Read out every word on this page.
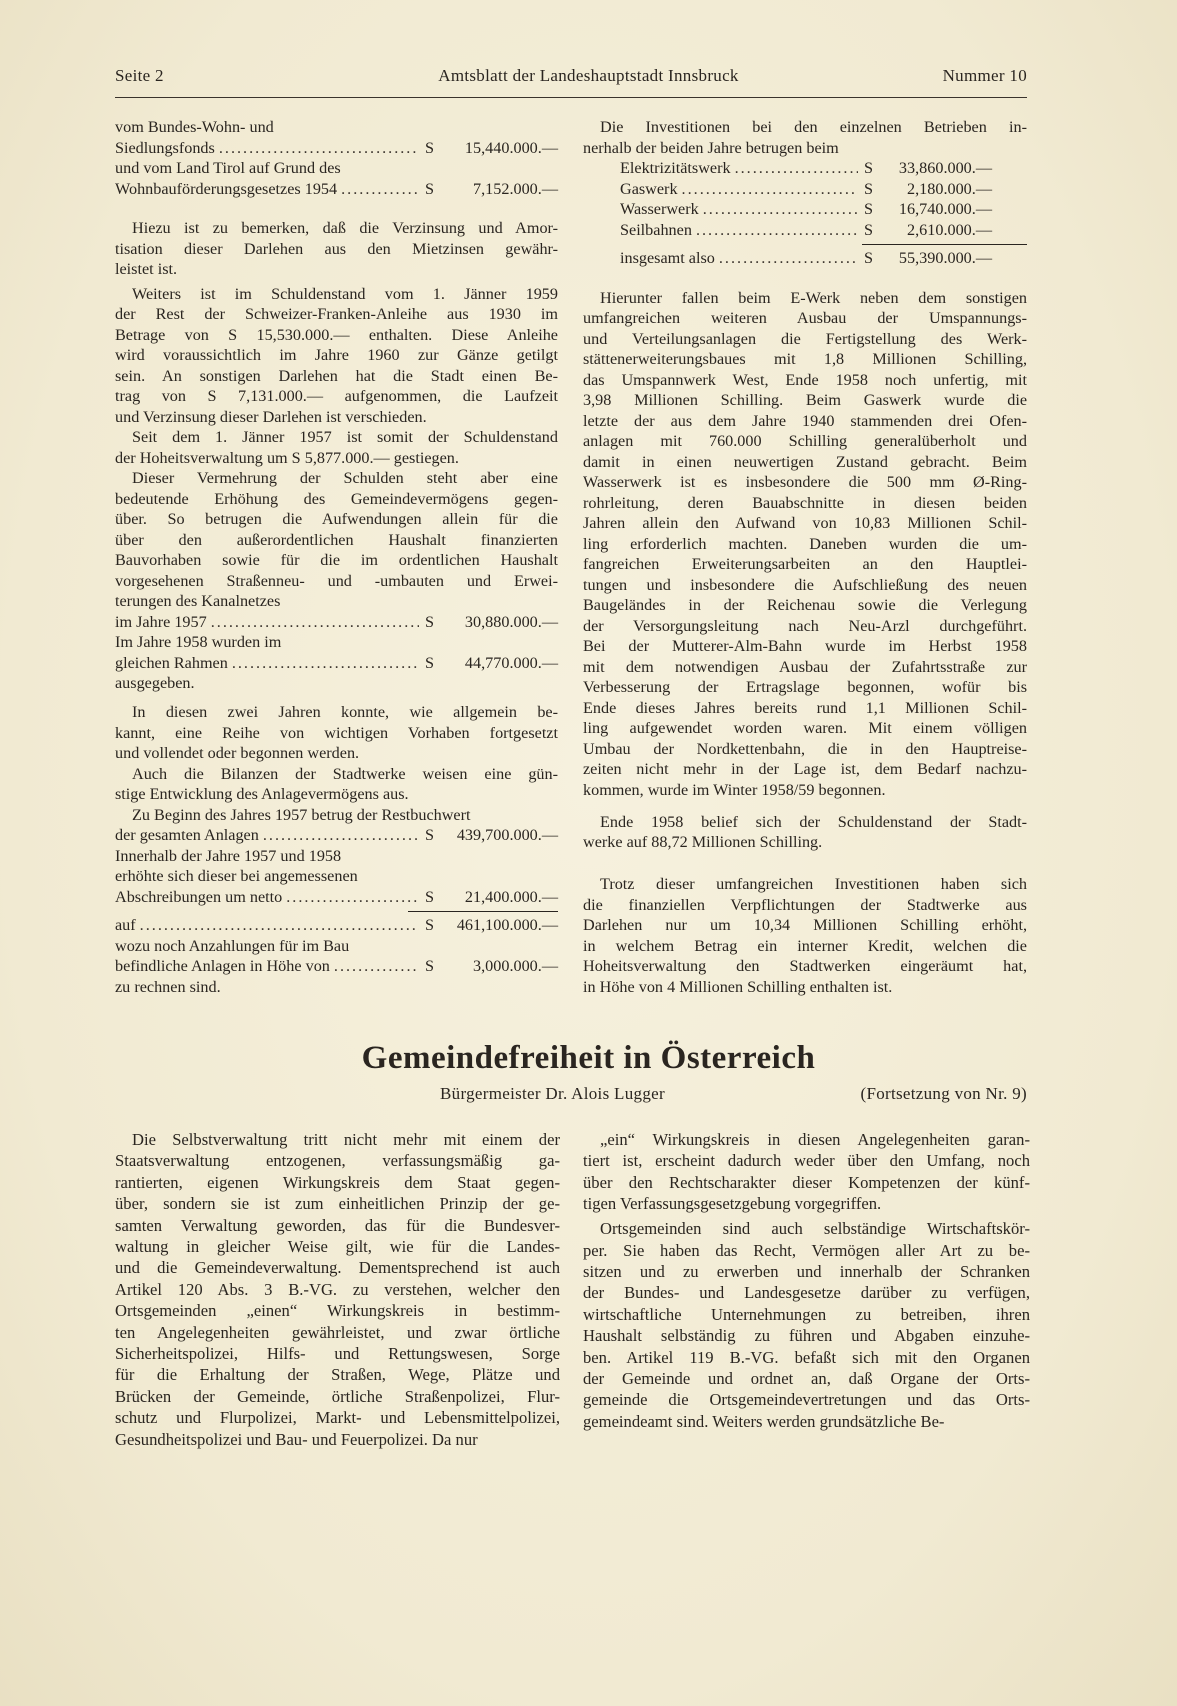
Seite 2	Amtsblatt der Landeshauptstadt Innsbruck	Nummer 10
vom Bundes-Wohn- und
Siedlungsfonds .....	S	15,440.000.—
und vom Land Tirol auf Grund des
Wohnbauförderungsgesetzes 1954 .....	S	7,152.000.—
Hiezu ist zu bemerken, daß die Verzinsung und Amor-
tisation dieser Darlehen aus den Mietzinsen gewähr-
leistet ist.
Weiters ist im Schuldenstand vom 1. Jänner 1959
der Rest der Schweizer-Franken-Anleihe aus 1930 im
Betrage von S 15,530.000.— enthalten. Diese Anleihe
wird voraussichtlich im Jahre 1960 zur Gänze getilgt
sein. An sonstigen Darlehen hat die Stadt einen Be-
trag von S 7,131.000.— aufgenommen, die Laufzeit
und Verzinsung dieser Darlehen ist verschieden.
Seit dem 1. Jänner 1957 ist somit der Schuldenstand
der Hoheitsverwaltung um S 5,877.000.— gestiegen.
Dieser Vermehrung der Schulden steht aber eine
bedeutende Erhöhung des Gemeindevermögens gegen-
über. So betrugen die Aufwendungen allein für die
über den außerordentlichen Haushalt finanzierten
Bauvorhaben sowie für die im ordentlichen Haushalt
vorgesehenen Straßenneu- und -umbauten und Erwei-
terungen des Kanalnetzes
im Jahre 1957 .....	S	30,880.000.—
Im Jahre 1958 wurden im
gleichen Rahmen .....	S	44,770.000.—
ausgegeben.
In diesen zwei Jahren konnte, wie allgemein be-
kannt, eine Reihe von wichtigen Vorhaben fortgesetzt
und vollendet oder begonnen werden.
Auch die Bilanzen der Stadtwerke weisen eine gün-
stige Entwicklung des Anlagevermögens aus.
Zu Beginn des Jahres 1957 betrug der Restbuchwert
der gesamten Anlagen .....	S	439,700.000.—
Innerhalb der Jahre 1957 und 1958
erhöhte sich dieser bei angemessenen
Abschreibungen um netto .....	S	21,400.000.—
auf .....	S	461,100.000.—
wozu noch Anzahlungen für im Bau
befindliche Anlagen in Höhe von .....	S	3,000.000.—
zu rechnen sind.
Die Investitionen bei den einzelnen Betrieben in-
nerhalb der beiden Jahre betrugen beim
Elektrizitätswerk .....	S	33,860.000.—
Gaswerk .....	S	2,180.000.—
Wasserwerk .....	S	16,740.000.—
Seilbahnen .....	S	2,610.000.—
insgesamt also .....	S	55,390.000.—
Hierunter fallen beim E-Werk neben dem sonstigen
umfangreichen weiteren Ausbau der Umspannungs-
und Verteilungsanlagen die Fertigstellung des Werk-
stättenerweiterungsbaues mit 1,8 Millionen Schilling,
das Umspannwerk West, Ende 1958 noch unfertig, mit
3,98 Millionen Schilling. Beim Gaswerk wurde die
letzte der aus dem Jahre 1940 stammenden drei Ofen-
anlagen mit 760.000 Schilling generalüberholt und
damit in einen neuwertigen Zustand gebracht. Beim
Wasserwerk ist es insbesondere die 500 mm Ø-Ring-
rohrleitung, deren Bauabschnitte in diesen beiden
Jahren allein den Aufwand von 10,83 Millionen Schil-
ling erforderlich machten. Daneben wurden die um-
fangreichen Erweiterungsarbeiten an den Hauptlei-
tungen und insbesondere die Aufschließung des neuen
Baugeländes in der Reichenau sowie die Verlegung
der Versorgungsleitung nach Neu-Arzl durchgeführt.
Bei der Mutterer-Alm-Bahn wurde im Herbst 1958
mit dem notwendigen Ausbau der Zufahrtsstraße zur
Verbesserung der Ertragslage begonnen, wofür bis
Ende dieses Jahres bereits rund 1,1 Millionen Schil-
ling aufgewendet worden waren. Mit einem völligen
Umbau der Nordkettenbahn, die in den Hauptreise-
zeiten nicht mehr in der Lage ist, dem Bedarf nachzu-
kommen, wurde im Winter 1958/59 begonnen.
Ende 1958 belief sich der Schuldenstand der Stadt-
werke auf 88,72 Millionen Schilling.
Trotz dieser umfangreichen Investitionen haben sich
die finanziellen Verpflichtungen der Stadtwerke aus
Darlehen nur um 10,34 Millionen Schilling erhöht,
in welchem Betrag ein interner Kredit, welchen die
Hoheitsverwaltung den Stadtwerken eingeräumt hat,
in Höhe von 4 Millionen Schilling enthalten ist.
Gemeindefreiheit in Österreich
Bürgermeister Dr. Alois Lugger	(Fortsetzung von Nr. 9)
Die Selbstverwaltung tritt nicht mehr mit einem der
Staatsverwaltung entzogenen, verfassungsmäßig ga-
rantierten, eigenen Wirkungskreis dem Staat gegen-
über, sondern sie ist zum einheitlichen Prinzip der ge-
samten Verwaltung geworden, das für die Bundesver-
waltung in gleicher Weise gilt, wie für die Landes-
und die Gemeindeverwaltung. Dementsprechend ist auch
Artikel 120 Abs. 3 B.-VG. zu verstehen, welcher den
Ortsgemeinden „einen“ Wirkungskreis in bestimm-
ten Angelegenheiten gewährleistet, und zwar örtliche
Sicherheitspolizei, Hilfs- und Rettungswesen, Sorge
für die Erhaltung der Straßen, Wege, Plätze und
Brücken der Gemeinde, örtliche Straßenpolizei, Flur-
schutz und Flurpolizei, Markt- und Lebensmittelpolizei,
Gesundheitspolizei und Bau- und Feuerpolizei. Da nur
„ein“ Wirkungskreis in diesen Angelegenheiten garan-
tiert ist, erscheint dadurch weder über den Umfang, noch
über den Rechtscharakter dieser Kompetenzen der künf-
tigen Verfassungsgesetzgebung vorgegriffen.
Ortsgemeinden sind auch selbständige Wirtschaftskör-
per. Sie haben das Recht, Vermögen aller Art zu be-
sitzen und zu erwerben und innerhalb der Schranken
der Bundes- und Landesgesetze darüber zu verfügen,
wirtschaftliche Unternehmungen zu betreiben, ihren
Haushalt selbständig zu führen und Abgaben einzuhe-
ben. Artikel 119 B.-VG. befaßt sich mit den Organen
der Gemeinde und ordnet an, daß Organe der Orts-
gemeinde die Ortsgemeindevertretungen und das Orts-
gemeindeamt sind. Weiters werden grundsätzliche Be-
